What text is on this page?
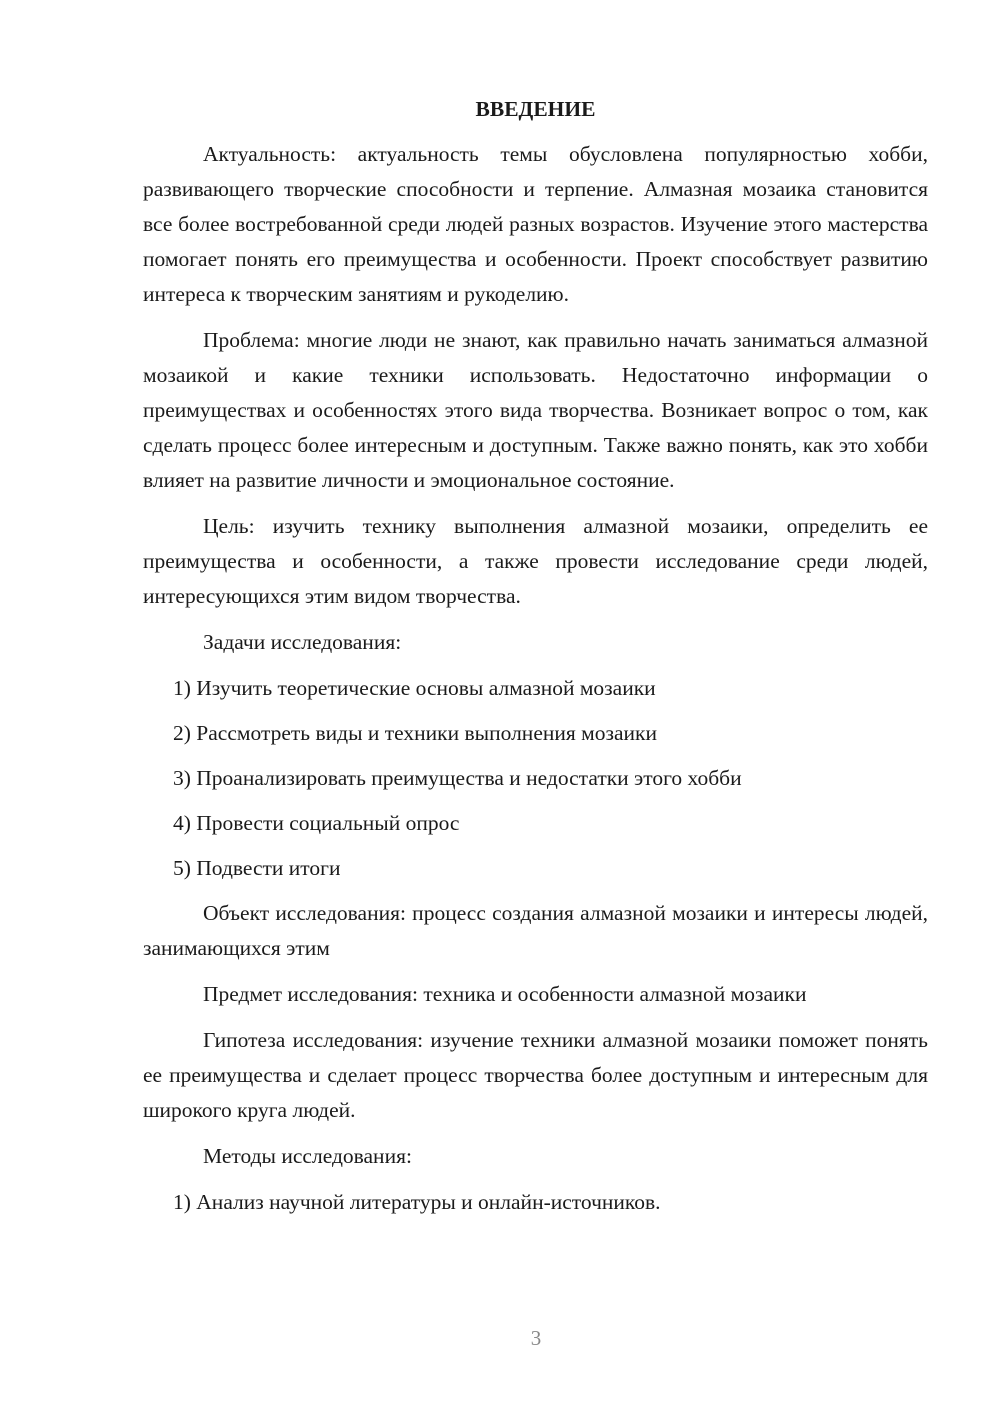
ВВЕДЕНИЕ

Актуальность: актуальность темы обусловлена популярностью хобби, развивающего творческие способности и терпение. Алмазная мозаика становится все более востребованной среди людей разных возрастов. Изучение этого мастерства помогает понять его преимущества и особенности. Проект способствует развитию интереса к творческим занятиям и рукоделию.

Проблема: многие люди не знают, как правильно начать заниматься алмазной мозаикой и какие техники использовать. Недостаточно информации о преимуществах и особенностях этого вида творчества. Возникает вопрос о том, как сделать процесс более интересным и доступным. Также важно понять, как это хобби влияет на развитие личности и эмоциональное состояние.

Цель: изучить технику выполнения алмазной мозаики, определить ее преимущества и особенности, а также провести исследование среди людей, интересующихся этим видом творчества.

Задачи исследования:

1) Изучить теоретические основы алмазной мозаики
2) Рассмотреть виды и техники выполнения мозаики
3) Проанализировать преимущества и недостатки этого хобби
4) Провести социальный опрос
5) Подвести итоги

Объект исследования: процесс создания алмазной мозаики и интересы людей, занимающихся этим

Предмет исследования: техника и особенности алмазной мозаики

Гипотеза исследования: изучение техники алмазной мозаики поможет понять ее преимущества и сделает процесс творчества более доступным и интересным для широкого круга людей.

Методы исследования:

1) Анализ научной литературы и онлайн-источников.
3
